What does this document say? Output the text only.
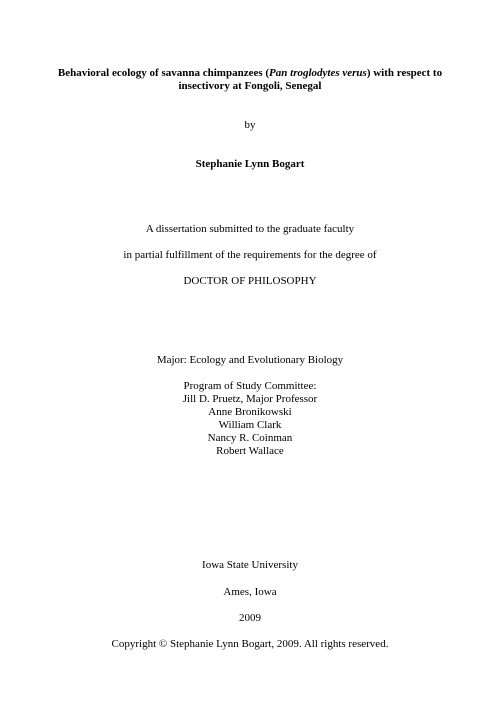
Behavioral ecology of savanna chimpanzees (Pan troglodytes verus) with respect to
insectivory at Fongoli, Senegal
by
Stephanie Lynn Bogart
A dissertation submitted to the graduate faculty
in partial fulfillment of the requirements for the degree of
DOCTOR OF PHILOSOPHY
Major: Ecology and Evolutionary Biology
Program of Study Committee:
Jill D. Pruetz, Major Professor
Anne Bronikowski
William Clark
Nancy R. Coinman
Robert Wallace
Iowa State University
Ames, Iowa
2009
Copyright © Stephanie Lynn Bogart, 2009. All rights reserved.
